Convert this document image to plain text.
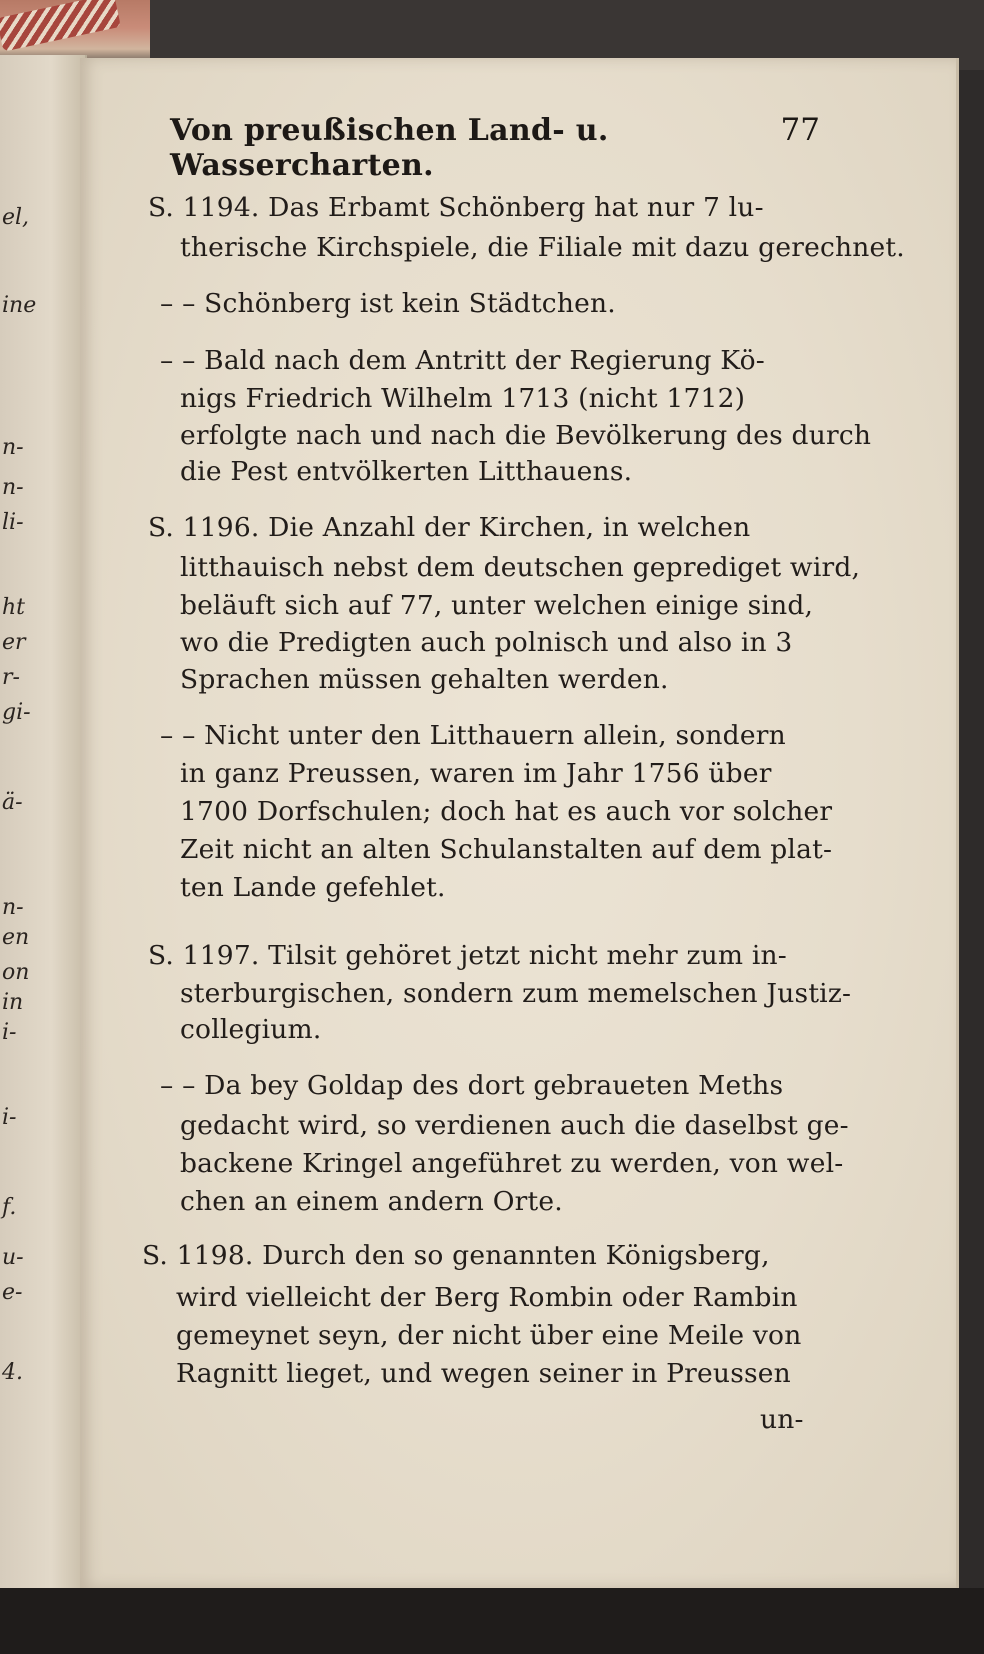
el,
ine
n-
n-
li-
ht
er
r-
gi-
ä-
n-
en
on
in
i-
i-
f.
u-
e-
4.
Von preußischen Land- u. Wassercharten.
77
S. 1194. Das Erbamt Schönberg hat nur 7 lu-
therische Kirchspiele, die Filiale mit dazu gerechnet.
– – Schönberg ist kein Städtchen.
– – Bald nach dem Antritt der Regierung Kö-
nigs Friedrich Wilhelm 1713 (nicht 1712)
erfolgte nach und nach die Bevölkerung des durch
die Pest entvölkerten Litthauens.
S. 1196. Die Anzahl der Kirchen, in welchen
litthauisch nebst dem deutschen geprediget wird,
beläuft sich auf 77, unter welchen einige sind,
wo die Predigten auch polnisch und also in 3
Sprachen müssen gehalten werden.
– – Nicht unter den Litthauern allein, sondern
in ganz Preussen, waren im Jahr 1756 über
1700 Dorfschulen; doch hat es auch vor solcher
Zeit nicht an alten Schulanstalten auf dem plat-
ten Lande gefehlet.
S. 1197. Tilsit gehöret jetzt nicht mehr zum in-
sterburgischen, sondern zum memelschen Justiz-
collegium.
– – Da bey Goldap des dort gebraueten Meths
gedacht wird, so verdienen auch die daselbst ge-
backene Kringel angeführet zu werden, von wel-
chen an einem andern Orte.
S. 1198. Durch den so genannten Königsberg,
wird vielleicht der Berg Rombin oder Rambin
gemeynet seyn, der nicht über eine Meile von
Ragnitt lieget, und wegen seiner in Preussen
un-
